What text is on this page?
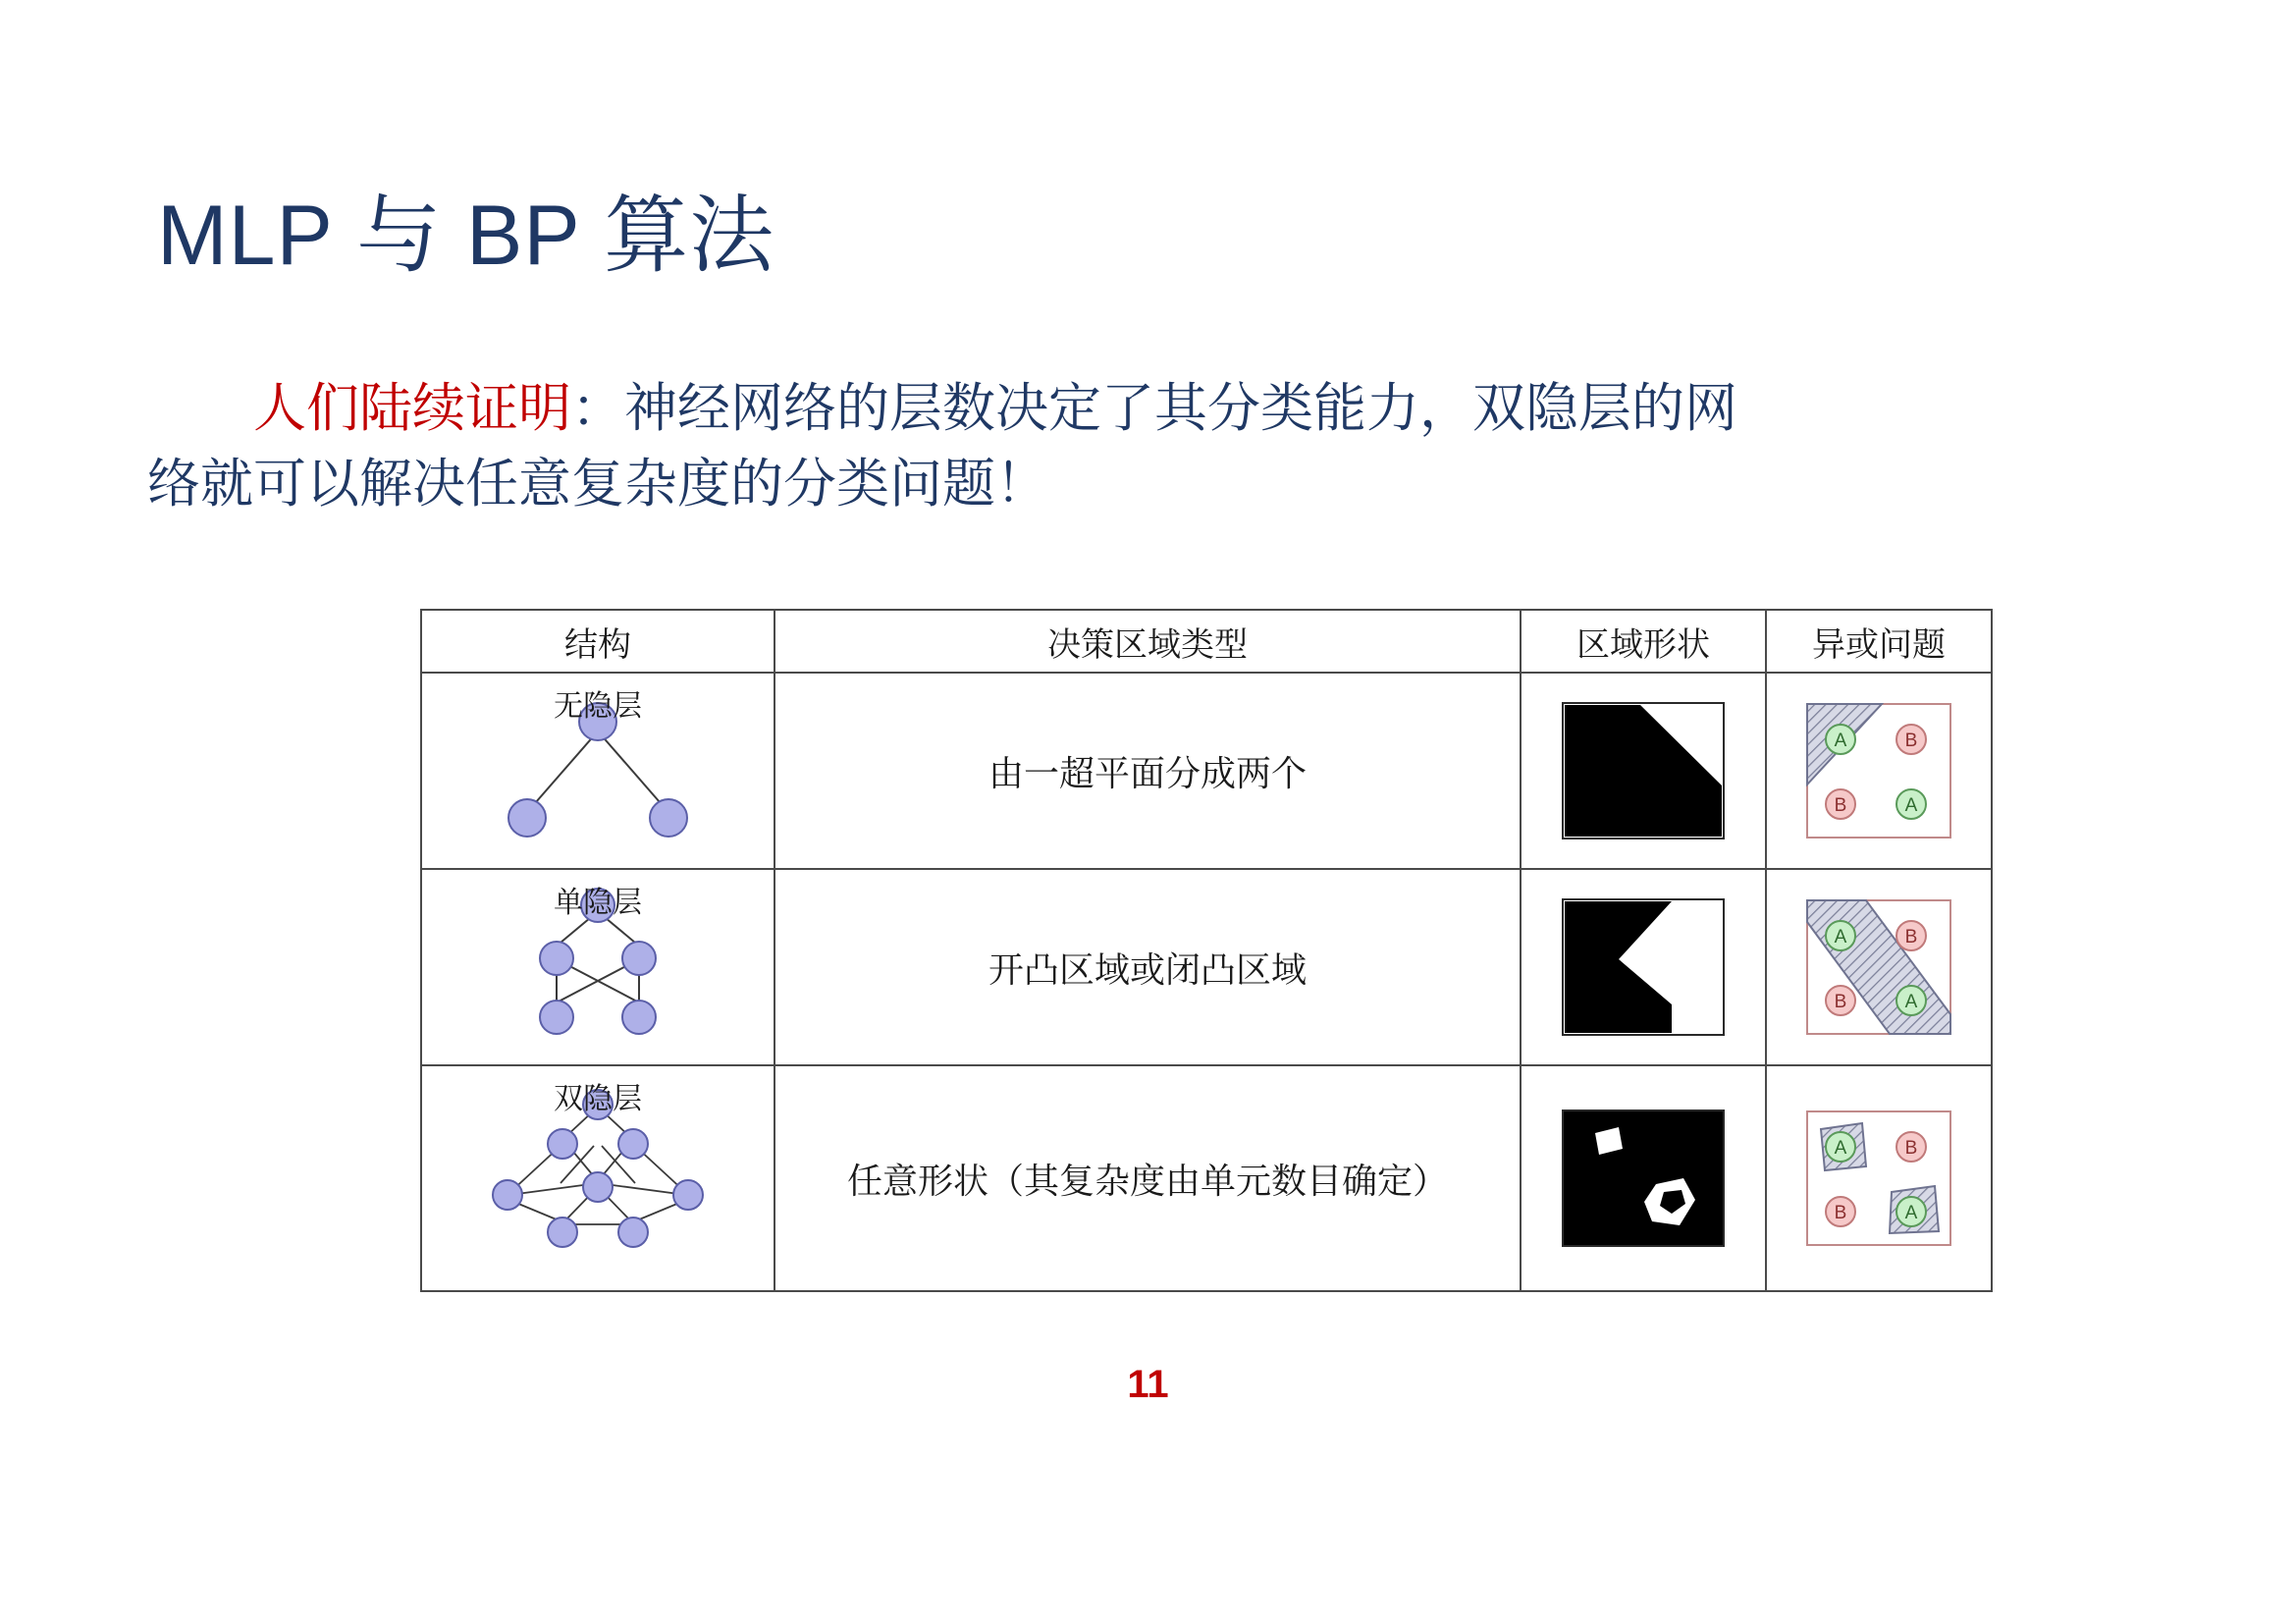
MLP 与 BP 算法
人们陆续证明：神经网络的层数决定了其分类能力，双隐层的网
络就可以解决任意复杂度的分类问题！
结构	决策区域类型	区域形状	异或问题

无隐层	由一超平面分成两个		A B
B A

单隐层	开凸区域或闭凸区域		A B
B A

双隐层	任意形状（其复杂度由单元数目确定）		A B
B A
11
